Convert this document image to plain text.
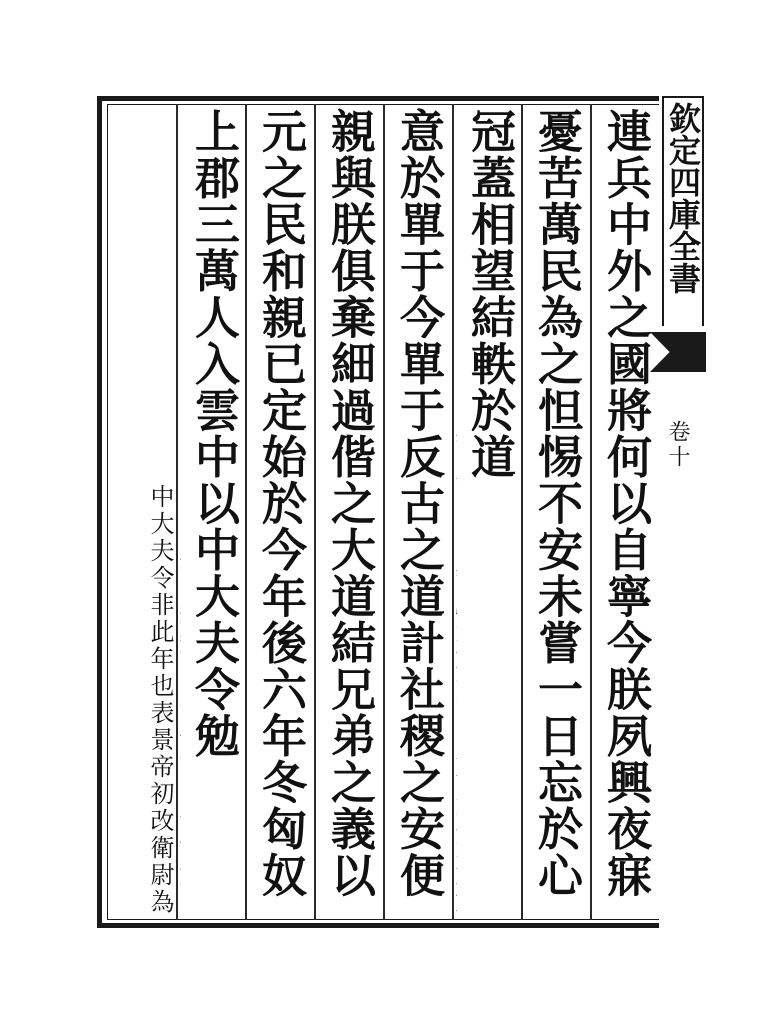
欽定四庫全書
卷十
連兵中外之國將何以自寧今朕夙興夜寐
憂苦萬民為之怛惕不安未嘗一日忘於心
冠蓋相望結軼於道
意於單于今單于反古之道計社稷之安便
親與朕俱棄細過偕之大道結兄弟之義以
元之民和親已定始於今年後六年冬匈奴
上郡三萬人入雲中以中大夫令勉
表景帝初改衛尉為
中大夫令非此年也
